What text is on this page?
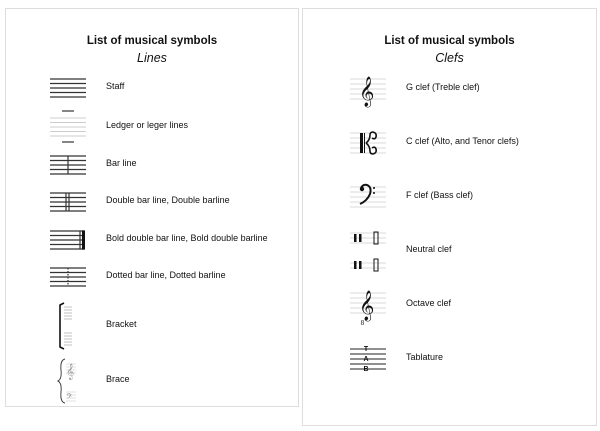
List of musical symbols
Lines
Staff
Ledger or leger lines
Bar line
Double bar line, Double barline
Bold double bar line, Bold double barline
Dotted bar line, Dotted barline
Bracket
𝄞
𝄢
Brace
List of musical symbols
Clefs
𝄞	G clef (Treble clef)
C clef (Alto, and Tenor clefs)
F clef (Bass clef)
Neutral clef
𝄞
8
Octave clef
T
A
B
Tablature
